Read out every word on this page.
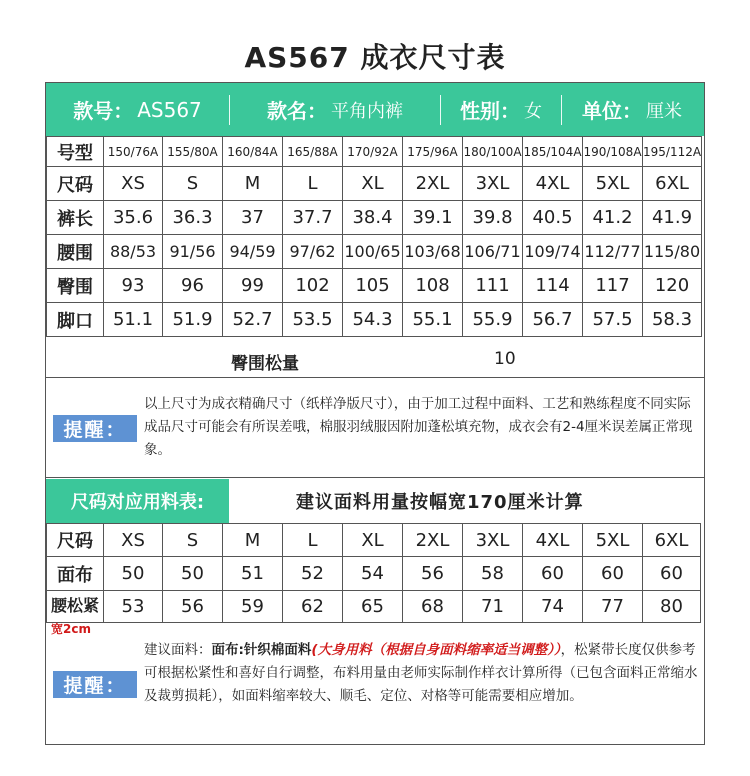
AS567 成衣尺寸表
款号： AS567	款名： 平角内裤	性别： 女 单位： 厘米
号型	150/76A	155/80A	160/84A	165/88A	170/92A	175/96A	180/100A	185/104A	190/108A	195/112A
尺码	XS	S	M	L	XL	2XL	3XL	4XL	5XL	6XL
裤长	35.6	36.3	37	37.7	38.4	39.1	39.8	40.5	41.2	41.9
腰围	88/53	91/56	94/59	97/62	100/65	103/68	106/71	109/74	112/77	115/80
臀围	93	96	99	102	105	108	111	114	117	120
脚口	51.1	51.9	52.7	53.5	54.3	55.1	55.9	56.7	57.5	58.3
臀围松量	10
提醒：
以上尺寸为成衣精确尺寸（纸样净版尺寸），由于加工过程中面料、工艺和熟练程度不同实际成品尺寸可能会有所误差哦，棉服羽绒服因附加蓬松填充物，成衣会有2-4厘米误差属正常现象。
尺码对应用料表:	建议面料用量按幅宽170厘米计算
尺码	XS	S	M	L	XL	2XL	3XL	4XL	5XL	6XL
面布	50	50	51	52	54	56	58	60	60	60
腰松紧	53	56	59	62	65	68	71	74	77	80
宽2cm
建议面料：面布:针织棉面料(大身用料（根据自身面料缩率适当调整）），松紧带长度仅供参考可根据松紧性和喜好自行调整，布料用量由老师实际制作样衣计算所得（已包含面料正常缩水及裁剪损耗），如面料缩率较大、顺毛、定位、对格等可能需要相应增加。
提醒：
